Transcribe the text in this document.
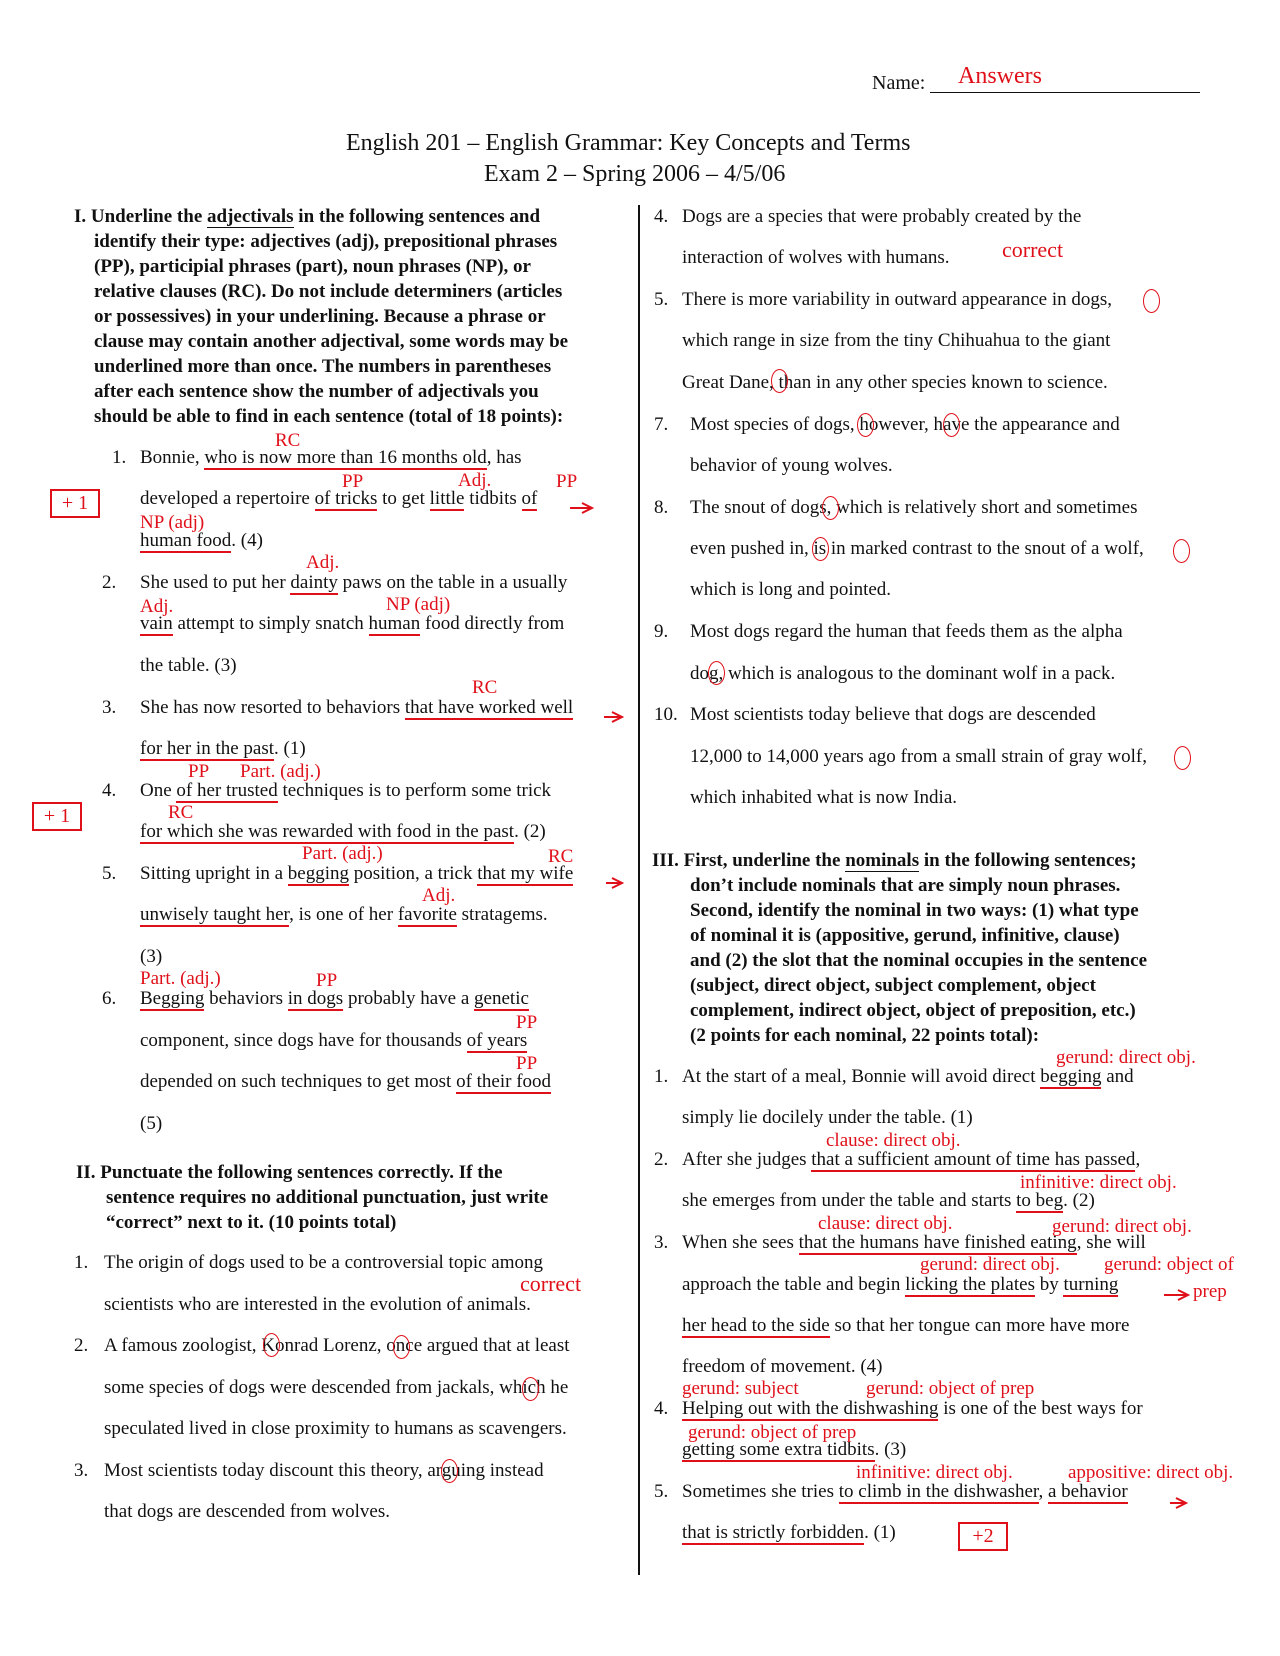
Name: Answers
English 201 – English Grammar: Key Concepts and Terms
Exam 2 – Spring 2006 – 4/5/06
I. Underline the adjectivals in the following sentences and
identify their type: adjectives (adj), prepositional phrases
(PP), participial phrases (part), noun phrases (NP), or
relative clauses (RC). Do not include determiners (articles
or possessives) in your underlining. Because a phrase or
clause may contain another adjectival, some words may be
underlined more than once. The numbers in parentheses
after each sentence show the number of adjectivals you
should be able to find in each sentence (total of 18 points):
1. Bonnie, who is now more than 16 months old, has
developed a repertoire of tricks to get little tidbits of
human food. (4)
2. She used to put her dainty paws on the table in a usually
vain attempt to simply snatch human food directly from
the table. (3)
3. She has now resorted to behaviors that have worked well
for her in the past. (1)
4. One of her trusted techniques is to perform some trick
for which she was rewarded with food in the past. (2)
5. Sitting upright in a begging position, a trick that my wife
unwisely taught her, is one of her favorite stratagems.
(3)
6. Begging behaviors in dogs probably have a genetic
component, since dogs have for thousands of years
depended on such techniques to get most of their food
(5)
RC
PP	Adj.	PP
NP (adj)
+ 1
Adj.
Adj.	NP (adj)
RC
PP Part. (adj.)
RC
+ 1
Part. (adj.)	RC
Adj.
Part. (adj.)	PP
PP
PP
II. Punctuate the following sentences correctly. If the
sentence requires no additional punctuation, just write
“correct” next to it. (10 points total)
1. The origin of dogs used to be a controversial topic among
scientists who are interested in the evolution of animals.
2. A famous zoologist, Konrad Lorenz, once argued that at least
some species of dogs were descended from jackals, which he
speculated lived in close proximity to humans as scavengers.
3. Most scientists today discount this theory, arguing instead
that dogs are descended from wolves.
4. Dogs are a species that were probably created by the
interaction of wolves with humans.
5. There is more variability in outward appearance in dogs,
which range in size from the tiny Chihuahua to the giant
Great Dane, than in any other species known to science.
7. Most species of dogs, however, have the appearance and
behavior of young wolves.
8. The snout of dogs, which is relatively short and sometimes
even pushed in, is in marked contrast to the snout of a wolf,
which is long and pointed.
9. Most dogs regard the human that feeds them as the alpha
dog, which is analogous to the dominant wolf in a pack.
10. Most scientists today believe that dogs are descended
12,000 to 14,000 years ago from a small strain of gray wolf,
which inhabited what is now India.
correct
correct
III. First, underline the nominals in the following sentences;
don’t include nominals that are simply noun phrases.
Second, identify the nominal in two ways: (1) what type
of nominal it is (appositive, gerund, infinitive, clause)
and (2) the slot that the nominal occupies in the sentence
(subject, direct object, subject complement, object
complement, indirect object, object of preposition, etc.)
(2 points for each nominal, 22 points total):
1. At the start of a meal, Bonnie will avoid direct begging and
simply lie docilely under the table. (1)
2. After she judges that a sufficient amount of time has passed,
she emerges from under the table and starts to beg. (2)
3. When she sees that the humans have finished eating, she will
approach the table and begin licking the plates by turning
her head to the side so that her tongue can more have more
freedom of movement. (4)
4. Helping out with the dishwashing is one of the best ways for
getting some extra tidbits. (3)
5. Sometimes she tries to climb in the dishwasher, a behavior
that is strictly forbidden. (1)
gerund: direct obj.
clause: direct obj.
infinitive: direct obj.
clause: direct obj.	gerund: direct obj.
gerund: direct obj. gerund: object of
prep
gerund: subject	gerund: object of prep
gerund: object of prep
infinitive: direct obj.	appositive: direct obj.
+2
